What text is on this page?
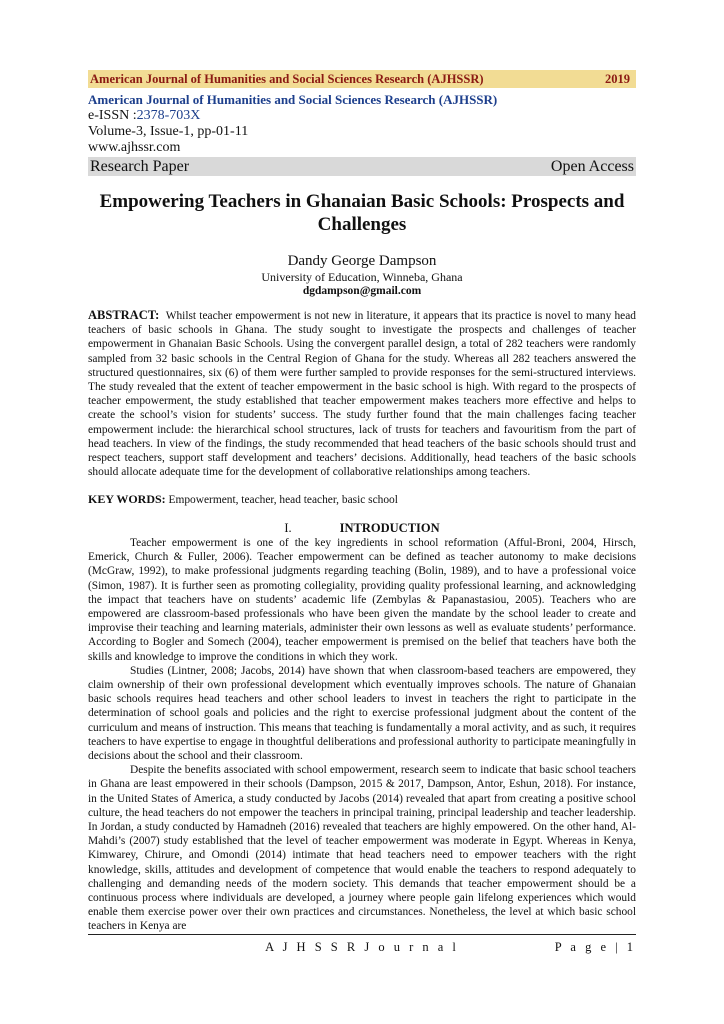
American Journal of Humanities and Social Sciences Research (AJHSSR)	2019
American Journal of Humanities and Social Sciences Research (AJHSSR)
e-ISSN :2378-703X
Volume-3, Issue-1, pp-01-11
www.ajhssr.com
Research Paper	Open Access
Empowering Teachers in Ghanaian Basic Schools: Prospects and Challenges
Dandy George Dampson
University of Education, Winneba, Ghana
dgdampson@gmail.com
ABSTRACT: Whilst teacher empowerment is not new in literature, it appears that its practice is novel to many head teachers of basic schools in Ghana. The study sought to investigate the prospects and challenges of teacher empowerment in Ghanaian Basic Schools. Using the convergent parallel design, a total of 282 teachers were randomly sampled from 32 basic schools in the Central Region of Ghana for the study. Whereas all 282 teachers answered the structured questionnaires, six (6) of them were further sampled to provide responses for the semi-structured interviews. The study revealed that the extent of teacher empowerment in the basic school is high. With regard to the prospects of teacher empowerment, the study established that teacher empowerment makes teachers more effective and helps to create the school’s vision for students’ success. The study further found that the main challenges facing teacher empowerment include: the hierarchical school structures, lack of trusts for teachers and favouritism from the part of head teachers. In view of the findings, the study recommended that head teachers of the basic schools should trust and respect teachers, support staff development and teachers’ decisions. Additionally, head teachers of the basic schools should allocate adequate time for the development of collaborative relationships among teachers.
KEY WORDS: Empowerment, teacher, head teacher, basic school
I.	INTRODUCTION

Teacher empowerment is one of the key ingredients in school reformation (Afful-Broni, 2004, Hirsch, Emerick, Church & Fuller, 2006). Teacher empowerment can be defined as teacher autonomy to make decisions (McGraw, 1992), to make professional judgments regarding teaching (Bolin, 1989), and to have a professional voice (Simon, 1987). It is further seen as promoting collegiality, providing quality professional learning, and acknowledging the impact that teachers have on students’ academic life (Zembylas & Papanastasiou, 2005). Teachers who are empowered are classroom-based professionals who have been given the mandate by the school leader to create and improvise their teaching and learning materials, administer their own lessons as well as evaluate students’ performance. According to Bogler and Somech (2004), teacher empowerment is premised on the belief that teachers have both the skills and knowledge to improve the conditions in which they work.

Studies (Lintner, 2008; Jacobs, 2014) have shown that when classroom-based teachers are empowered, they claim ownership of their own professional development which eventually improves schools. The nature of Ghanaian basic schools requires head teachers and other school leaders to invest in teachers the right to participate in the determination of school goals and policies and the right to exercise professional judgment about the content of the curriculum and means of instruction. This means that teaching is fundamentally a moral activity, and as such, it requires teachers to have expertise to engage in thoughtful deliberations and professional authority to participate meaningfully in decisions about the school and their classroom.

Despite the benefits associated with school empowerment, research seem to indicate that basic school teachers in Ghana are least empowered in their schools (Dampson, 2015 & 2017, Dampson, Antor, Eshun, 2018). For instance, in the United States of America, a study conducted by Jacobs (2014) revealed that apart from creating a positive school culture, the head teachers do not empower the teachers in principal training, principal leadership and teacher leadership. In Jordan, a study conducted by Hamadneh (2016) revealed that teachers are highly empowered. On the other hand, Al-Mahdi’s (2007) study established that the level of teacher empowerment was moderate in Egypt. Whereas in Kenya, Kimwarey, Chirure, and Omondi (2014) intimate that head teachers need to empower teachers with the right knowledge, skills, attitudes and development of competence that would enable the teachers to respond adequately to challenging and demanding needs of the modern society. This demands that teacher empowerment should be a continuous process where individuals are developed, a journey where people gain lifelong experiences which would enable them exercise power over their own practices and circumstances. Nonetheless, the level at which basic school teachers in Kenya are

A J H S S R J o u r n a l	P a g e | 1
